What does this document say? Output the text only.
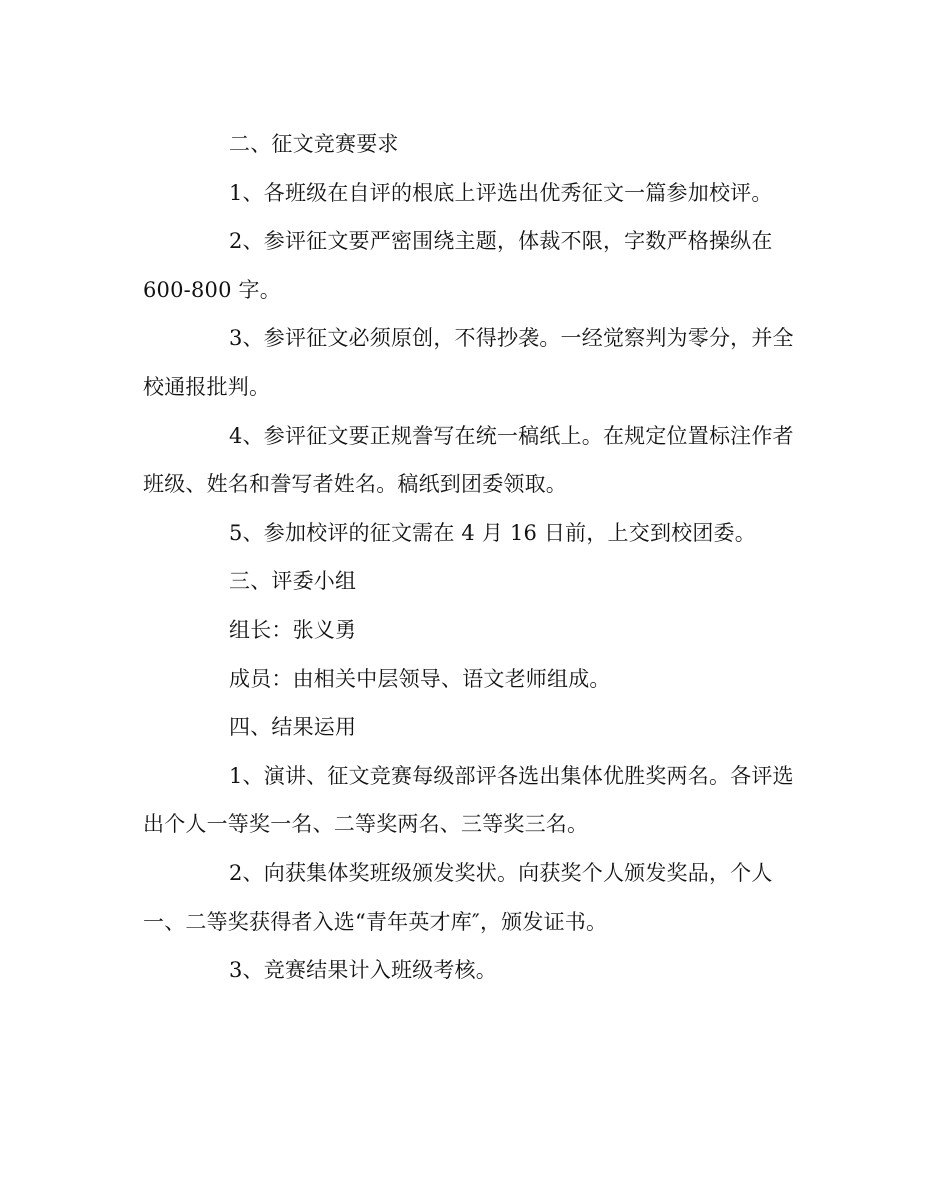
二、征文竞赛要求
1、各班级在自评的根底上评选出优秀征文一篇参加校评。
2、参评征文要严密围绕主题，体裁不限，字数严格操纵在
600-800 字。
3、参评征文必须原创，不得抄袭。一经觉察判为零分，并全
校通报批判。
4、参评征文要正规誊写在统一稿纸上。在规定位置标注作者
班级、姓名和誊写者姓名。稿纸到团委领取。
5、参加校评的征文需在 4 月 16 日前，上交到校团委。
三、评委小组
组长：张义勇
成员：由相关中层领导、语文老师组成。
四、结果运用
1、演讲、征文竞赛每级部评各选出集体优胜奖两名。各评选
出个人一等奖一名、二等奖两名、三等奖三名。
2、向获集体奖班级颁发奖状。向获奖个人颁发奖品，个人
一、二等奖获得者入选“青年英才库″，颁发证书。
3、竞赛结果计入班级考核。
